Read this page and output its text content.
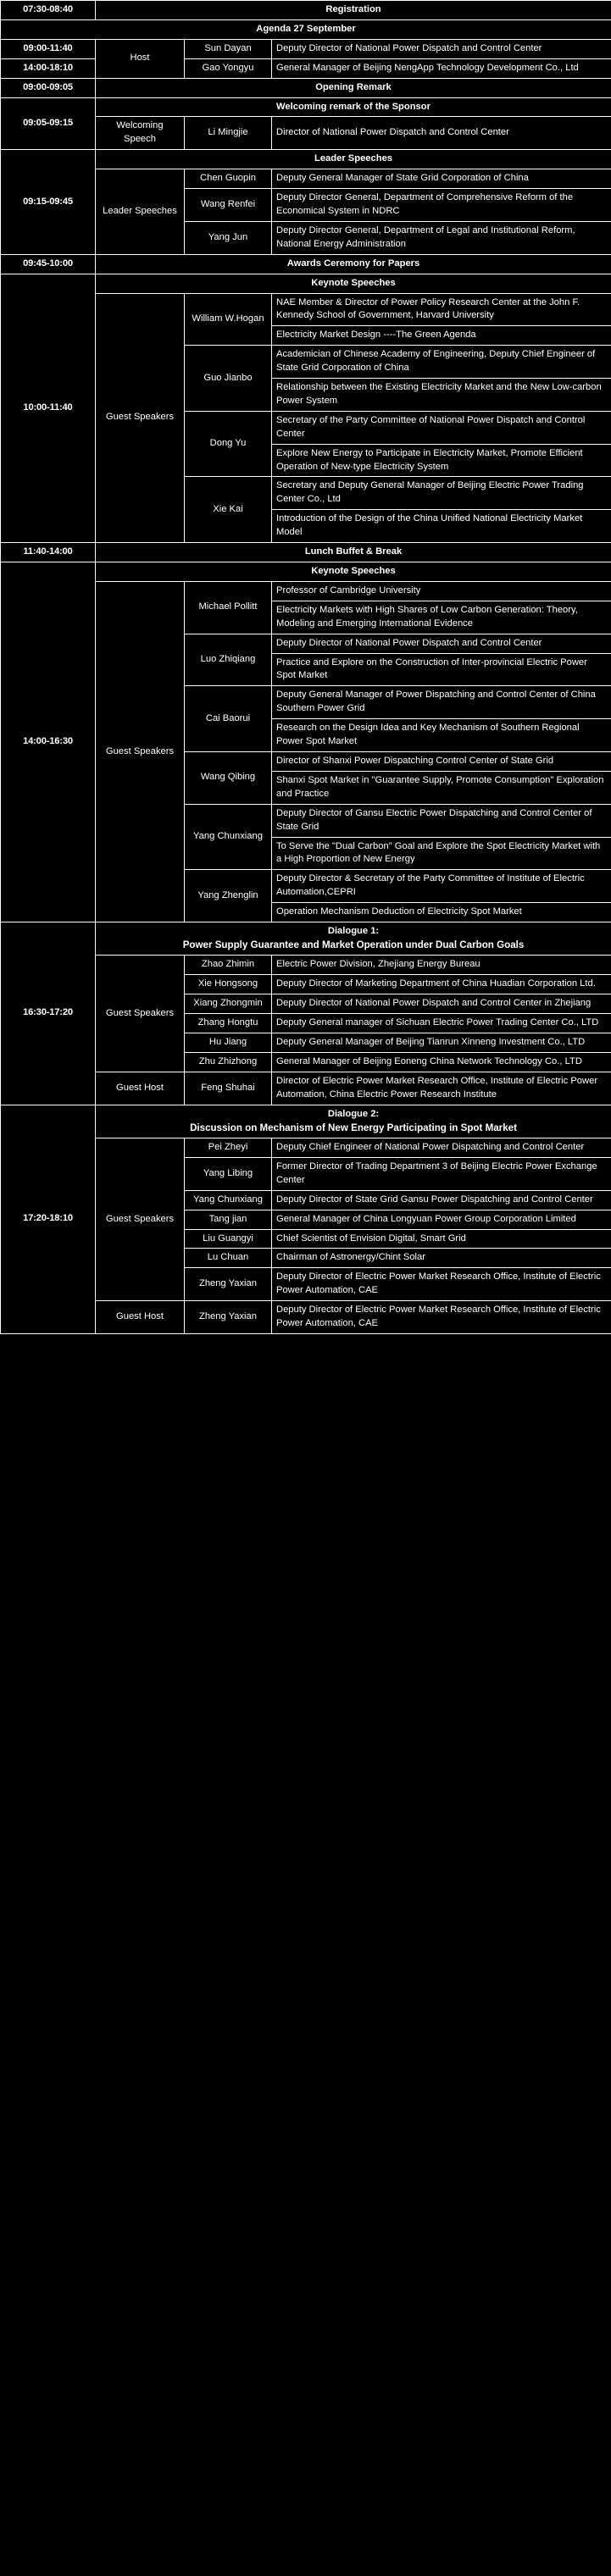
07:30-08:40	Registration		
Agenda 27 September			
09:00-11:40	Host	Sun Dayan	Deputy Director of National Power Dispatch and Control Center
14:00-18:10		Gao Yongyu	General Manager of Beijing NengApp Technology Development Co., Ltd
09:00-09:05	Opening Remark		
09:05-09:15	Welcoming remark of the Sponsor		
	Welcoming Speech	Li Mingjie	Director of National Power Dispatch and Control Center
09:15-09:45	Leader Speeches		
	Leader Speeches	Chen Guopin	Deputy General Manager of State Grid Corporation of China
		Wang Renfei	Deputy Director General, Department of Comprehensive Reform of the Economical System in NDRC
		Yang Jun	Deputy Director General, Department of Legal and Institutional Reform, National Energy Administration
09:45-10:00	Awards Ceremony for Papers		
10:00-11:40	Keynote Speeches		
	Guest Speakers	William W.Hogan	NAE Member & Director of Power Policy Research Center at the John F. Kennedy School of Government, Harvard University
			Electricity Market Design ----The Green Agenda
		Guo Jianbo	Academician of Chinese Academy of Engineering, Deputy Chief Engineer of State Grid Corporation of China
			Relationship between the Existing Electricity Market and the New Low-carbon Power System
		Dong Yu	Secretary of the Party Committee of National Power Dispatch and Control Center
			Explore New Energy to Participate in Electricity Market, Promote Efficient Operation of New-type Electricity System
		Xie Kai	Secretary and Deputy General Manager of Beijing Electric Power Trading Center Co., Ltd
			Introduction of the Design of the China Unified National Electricity Market Model
11:40-14:00	Lunch Buffet & Break		
14:00-16:30	Keynote Speeches		
	Guest Speakers	Michael Pollitt	Professor of Cambridge University
			Electricity Markets with High Shares of Low Carbon Generation: Theory, Modeling and Emerging International Evidence
		Luo Zhiqiang	Deputy Director of National Power Dispatch and Control Center
			Practice and Explore on the Construction of Inter-provincial Electric Power Spot Market
		Cai Baorui	Deputy General Manager of Power Dispatching and Control Center of China Southern Power Grid
			Research on the Design Idea and Key Mechanism of Southern Regional Power Spot Market
		Wang Qibing	Director of Shanxi Power Dispatching Control Center of State Grid
			Shanxi Spot Market in "Guarantee Supply, Promote Consumption" Exploration and Practice
		Yang Chunxiang	Deputy Director of Gansu Electric Power Dispatching and Control Center of State Grid
			To Serve the "Dual Carbon" Goal and Explore the Spot Electricity Market with a High Proportion of New Energy
		Yang Zhenglin	Deputy Director & Secretary of the Party Committee of Institute of Electric Automation,CEPRI
			Operation Mechanism Deduction of Electricity Spot Market
16:30-17:20	Dialogue 1:
Power Supply Guarantee and Market Operation under Dual Carbon Goals		

	Guest Speakers	Zhao Zhimin	Electric Power Division, Zhejiang Energy Bureau
		Xie Hongsong	Deputy Director of Marketing Department of China Huadian Corporation Ltd.
		Xiang Zhongmin	Deputy Director of National Power Dispatch and Control Center in Zhejiang
		Zhang Hongtu	Deputy General manager of Sichuan Electric Power Trading Center Co., LTD
		Hu Jiang	Deputy General Manager of Beijing Tianrun Xinneng Investment Co., LTD
		Zhu Zhizhong	General Manager of Beijing Eoneng China Network Technology Co., LTD
	Guest Host	Feng Shuhai	Director of Electric Power Market Research Office, Institute of Electric Power Automation, China Electric Power Research Institute
17:20-18:10	Dialogue 2:
Discussion on Mechanism of New Energy Participating in Spot Market		

	Guest Speakers	Pei Zheyi	Deputy Chief Engineer of National Power Dispatching and Control Center
		Yang Libing	Former Director of Trading Department 3 of Beijing Electric Power Exchange Center
		Yang Chunxiang	Deputy Director of State Grid Gansu Power Dispatching and Control Center
		Tang jian	General Manager of China Longyuan Power Group Corporation Limited
		Liu Guangyi	Chief Scientist of Envision Digital, Smart Grid
		Lu Chuan	Chairman of Astronergy/Chint Solar
		Zheng Yaxian	Deputy Director of Electric Power Market Research Office, Institute of Electric Power Automation, CAE
	Guest Host	Zheng Yaxian	Deputy Director of Electric Power Market Research Office, Institute of Electric Power Automation, CAE
